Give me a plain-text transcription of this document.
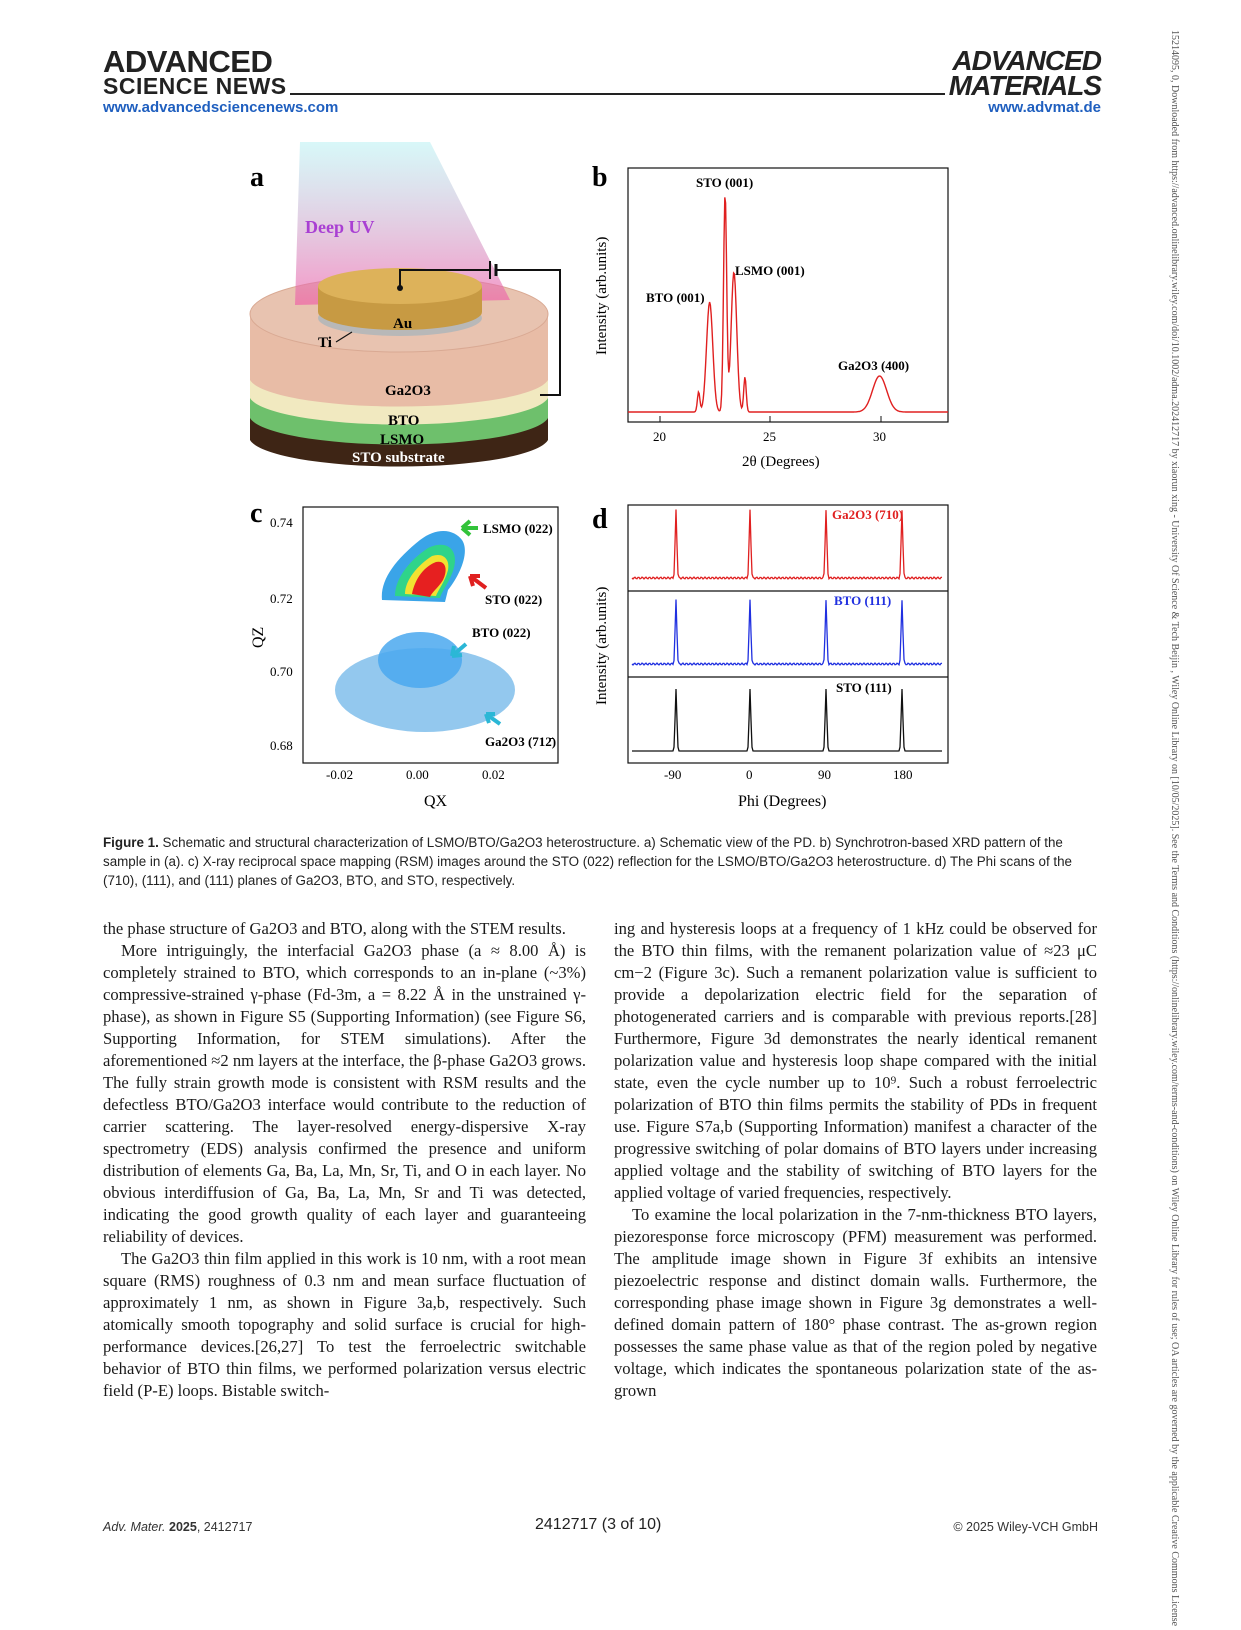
ADVANCED
SCIENCE NEWS
ADVANCED
MATERIALS
www.advancedsciencenews.com	www.advmat.de	15214095, 0, Downloaded from https://advanced.onlinelibrary.wiley.com/doi/10.1002/adma.202412717 by xiaorun xing - University Of Science & Tech Beijin , Wiley Online Library on [10/05/2025]. See the Terms and Conditions (https://onlinelibrary.wiley.com/terms-and-conditions) on Wiley Online Library for rules of use; OA articles are governed by the applicable Creative Commons License
a
Deep UV
Au
Ti
Ga2O3
BTO
LSMO
STO substrate
b
20	25	30
2θ (Degrees)
Intensity (arb.units)
STO (001)
LSMO (001)
BTO (001)
Ga2O3 (400)
c 0.74
0.72
0.70
0.68
-0.02	0.00	0.02
QX
QZ
LSMO (022)
STO (022)
BTO (022)
Ga2O3 (712̄)
d	Ga2O3 (710)
BTO (111)
STO (111)
-90	0	90	180
Phi (Degrees)
Intensity (arb.units)
Figure 1. Schematic and structural characterization of LSMO/BTO/Ga2O3 heterostructure. a) Schematic view of the PD. b) Synchrotron-based XRD pattern of the sample in (a). c) X-ray reciprocal space mapping (RSM) images around the STO (022) reflection for the LSMO/BTO/Ga2O3 heterostructure. d) The Phi scans of the (710), (111), and (111) planes of Ga2O3, BTO, and STO, respectively.

the phase structure of Ga2O3 and BTO, along with the STEM results.

More intriguingly, the interfacial Ga2O3 phase (a ≈ 8.00 Å) is completely strained to BTO, which corresponds to an in-plane (~3%) compressive-strained γ-phase (Fd-3m, a = 8.22 Å in the unstrained γ-phase), as shown in Figure S5 (Supporting Information) (see Figure S6, Supporting Information, for STEM simulations). After the aforementioned ≈2 nm layers at the interface, the β-phase Ga2O3 grows. The fully strain growth mode is consistent with RSM results and the defectless BTO/Ga2O3 interface would contribute to the reduction of carrier scattering. The layer-resolved energy-dispersive X-ray spectrometry (EDS) analysis confirmed the presence and uniform distribution of elements Ga, Ba, La, Mn, Sr, Ti, and O in each layer. No obvious interdiffusion of Ga, Ba, La, Mn, Sr and Ti was detected, indicating the good growth quality of each layer and guaranteeing reliability of devices.

The Ga2O3 thin film applied in this work is 10 nm, with a root mean square (RMS) roughness of 0.3 nm and mean surface fluctuation of approximately 1 nm, as shown in Figure 3a,b, respectively. Such atomically smooth topography and solid surface is crucial for high-performance devices.[26,27] To test the ferroelectric switchable behavior of BTO thin films, we performed polarization versus electric field (P-E) loops. Bistable switch-

ing and hysteresis loops at a frequency of 1 kHz could be observed for the BTO thin films, with the remanent polarization value of ≈23 μC cm−2 (Figure 3c). Such a remanent polarization value is sufficient to provide a depolarization electric field for the separation of photogenerated carriers and is comparable with previous reports.[28] Furthermore, Figure 3d demonstrates the nearly identical remanent polarization value and hysteresis loop shape compared with the initial state, even the cycle number up to 10⁹. Such a robust ferroelectric polarization of BTO thin films permits the stability of PDs in frequent use. Figure S7a,b (Supporting Information) manifest a character of the progressive switching of polar domains of BTO layers under increasing applied voltage and the stability of switching of BTO layers for the applied voltage of varied frequencies, respectively.

To examine the local polarization in the 7-nm-thickness BTO layers, piezoresponse force microscopy (PFM) measurement was performed. The amplitude image shown in Figure 3f exhibits an intensive piezoelectric response and distinct domain walls. Furthermore, the corresponding phase image shown in Figure 3g demonstrates a well-defined domain pattern of 180° phase contrast. The as-grown region possesses the same phase value as that of the region poled by negative voltage, which indicates the spontaneous polarization state of the as-grown

Adv. Mater. 2025, 2412717	2412717 (3 of 10)	© 2025 Wiley-VCH GmbH
